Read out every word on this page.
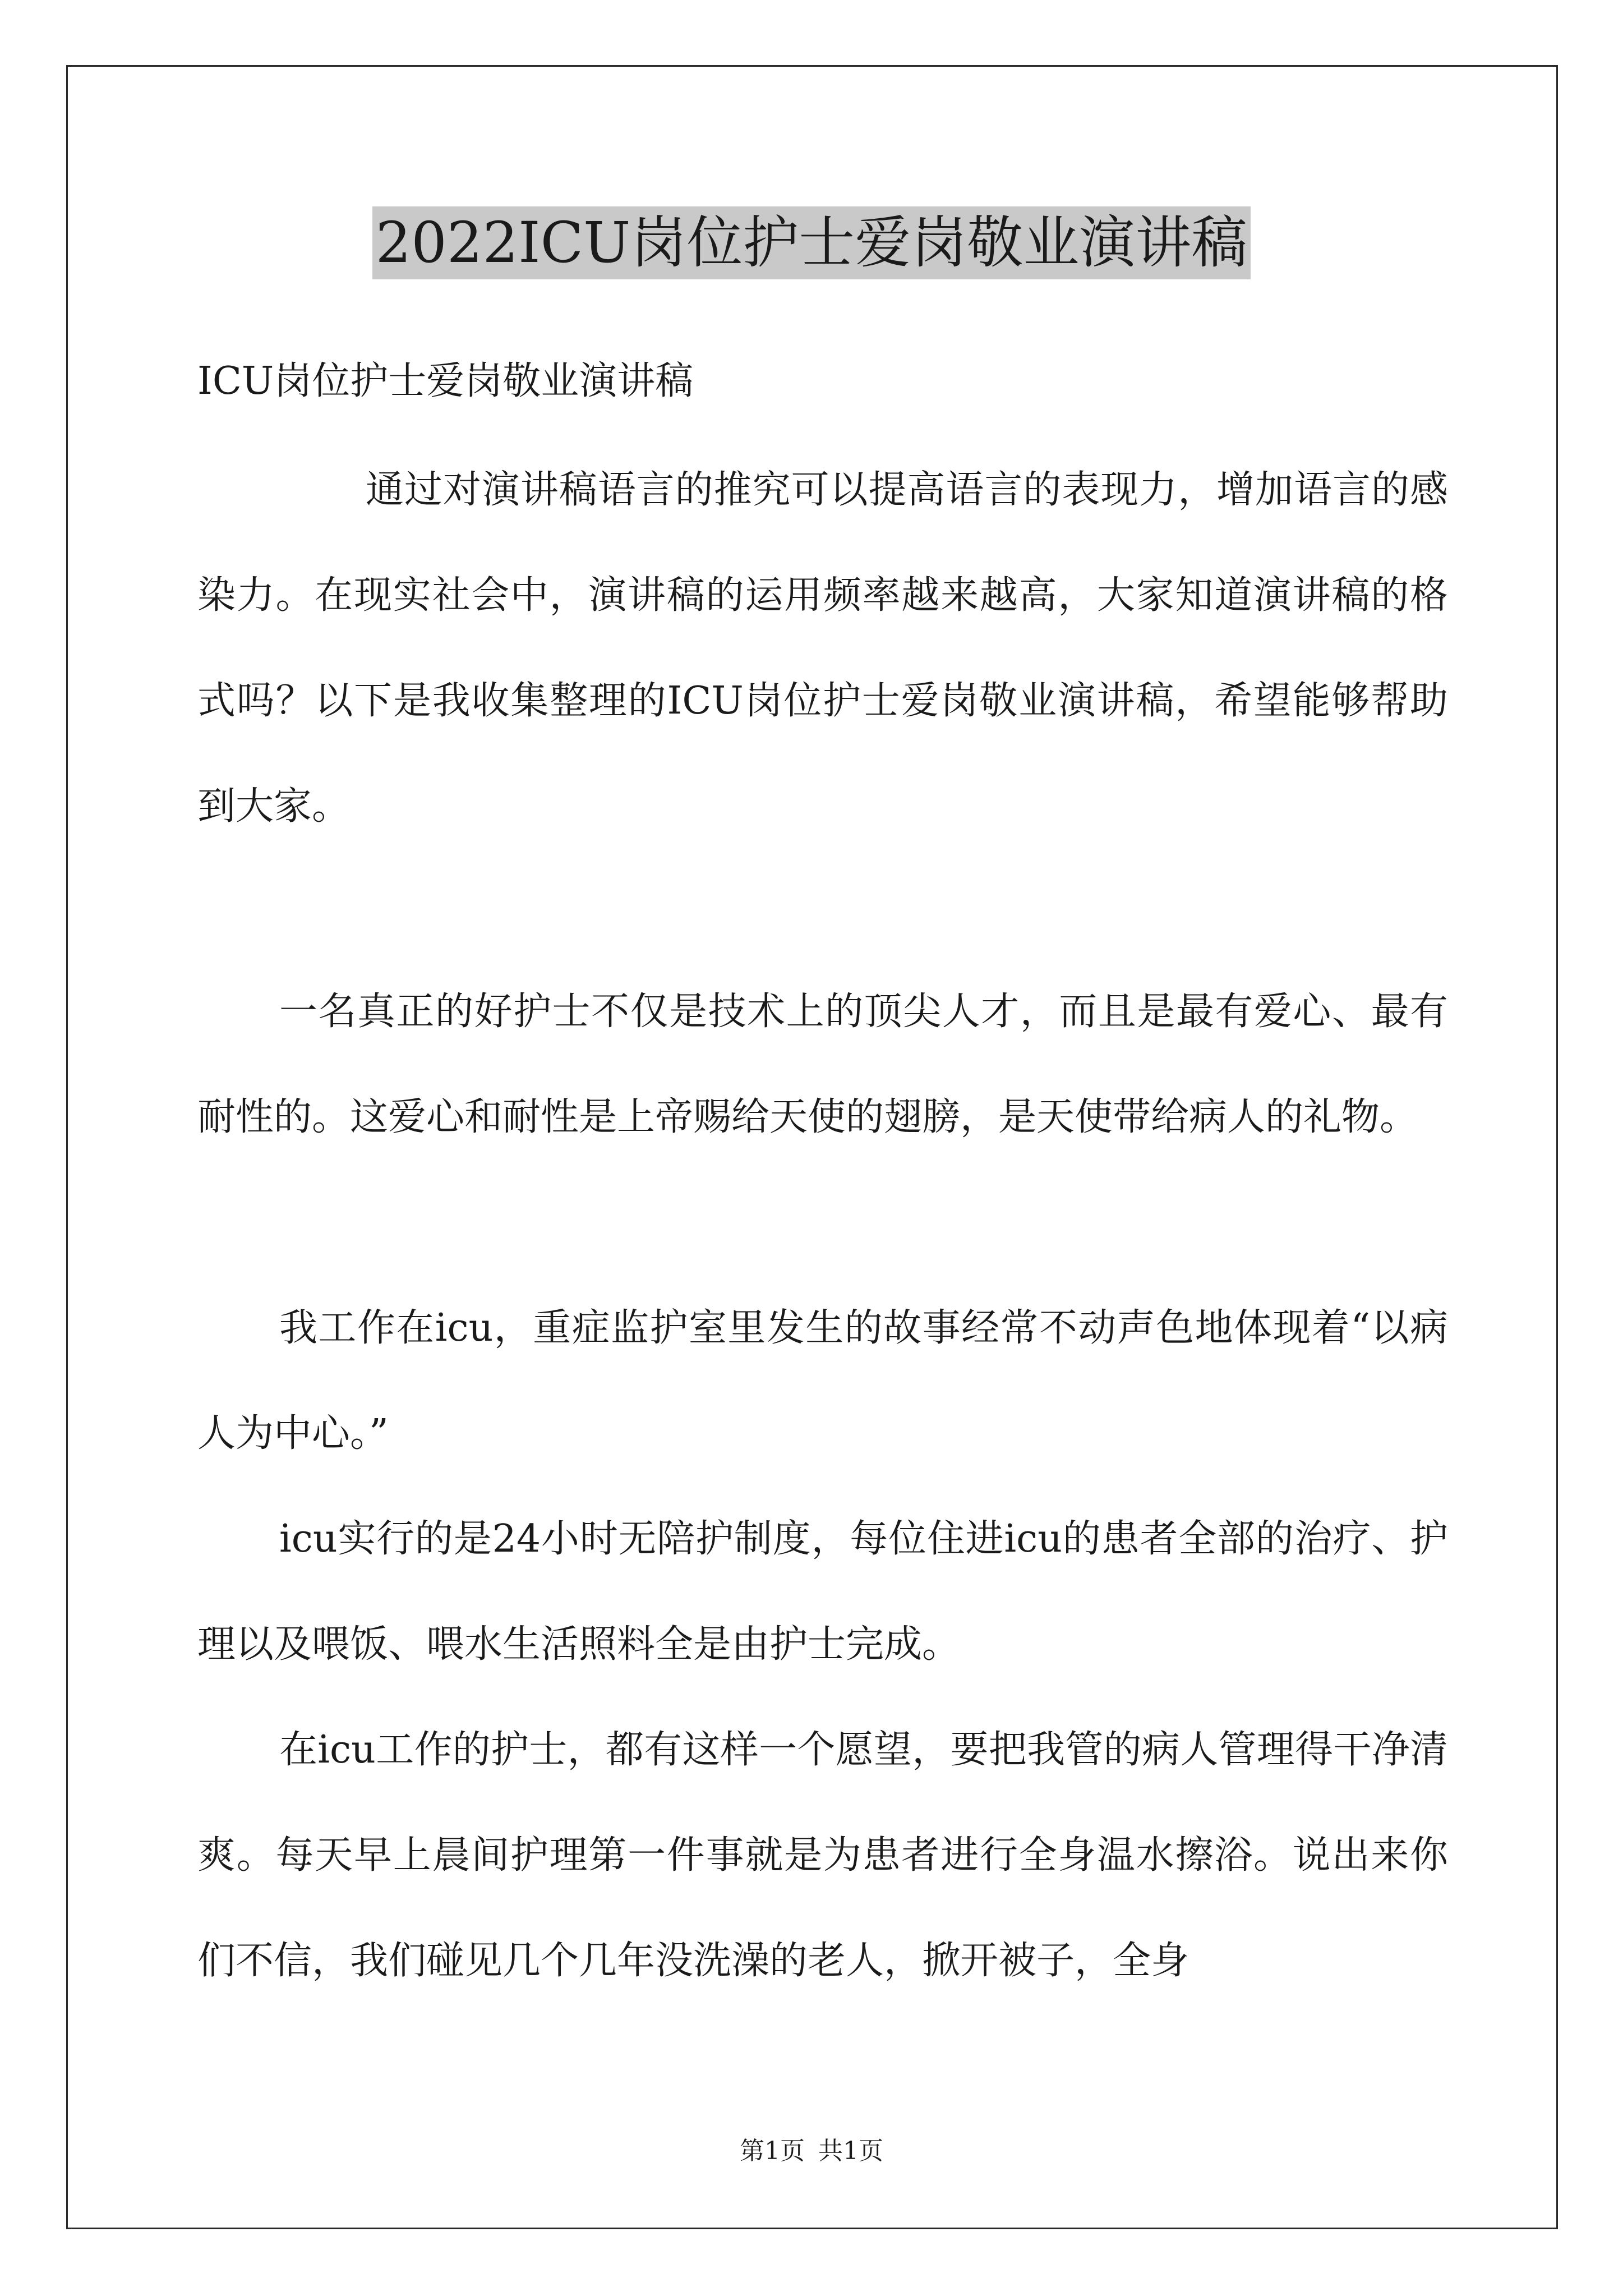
2022ICU岗位护士爱岗敬业演讲稿
ICU岗位护士爱岗敬业演讲稿
通过对演讲稿语言的推究可以提高语言的表现力，增加语言的感染力。在现实社会中，演讲稿的运用频率越来越高，大家知道演讲稿的格式吗？以下是我收集整理的ICU岗位护士爱岗敬业演讲稿，希望能够帮助到大家。
一名真正的好护士不仅是技术上的顶尖人才，而且是最有爱心、最有耐性的。这爱心和耐性是上帝赐给天使的翅膀，是天使带给病人的礼物。
我工作在icu，重症监护室里发生的故事经常不动声色地体现着“以病人为中心。”
icu实行的是24小时无陪护制度，每位住进icu的患者全部的治疗、护理以及喂饭、喂水生活照料全是由护士完成。
在icu工作的护士，都有这样一个愿望，要把我管的病人管理得干净清爽。每天早上晨间护理第一件事就是为患者进行全身温水擦浴。说出来你们不信，我们碰见几个几年没洗澡的老人，掀开被子，全身
第1页 共1页
